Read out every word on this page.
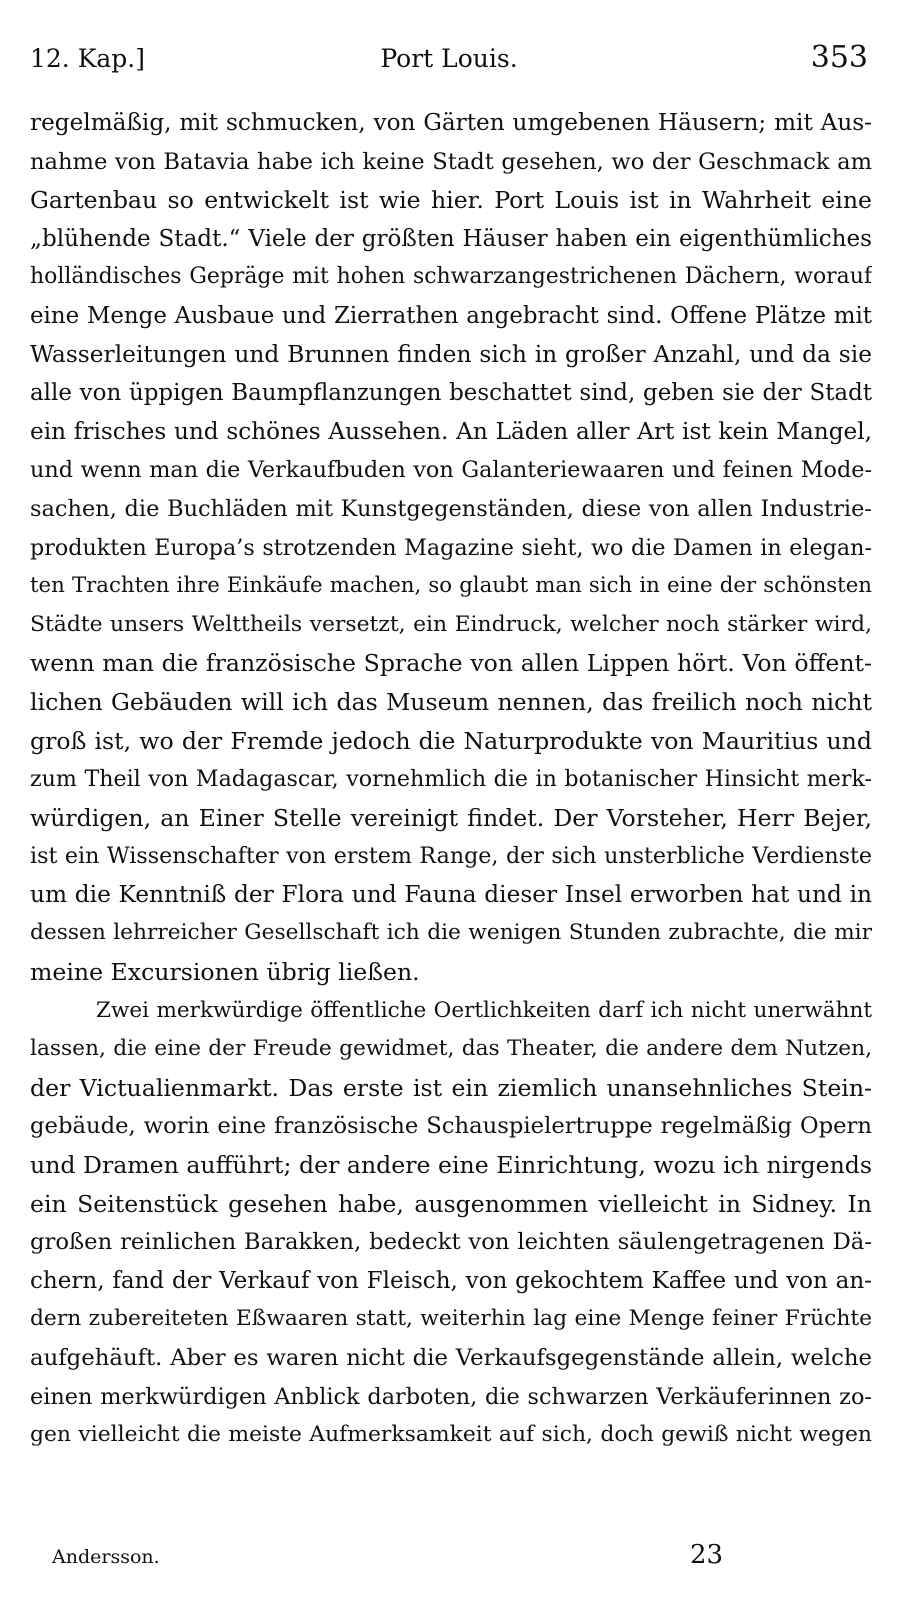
12. Kap.]	Port Louis.	353
regelmäßig, mit schmucken, von Gärten umgebenen Häusern; mit Aus-
nahme von Batavia habe ich keine Stadt gesehen, wo der Geschmack am
Gartenbau so entwickelt ist wie hier. Port Louis ist in Wahrheit eine
„blühende Stadt.“ Viele der größten Häuser haben ein eigenthümliches
holländisches Gepräge mit hohen schwarzangestrichenen Dächern, worauf
eine Menge Ausbaue und Zierrathen angebracht sind. Offene Plätze mit
Wasserleitungen und Brunnen finden sich in großer Anzahl, und da sie
alle von üppigen Baumpflanzungen beschattet sind, geben sie der Stadt
ein frisches und schönes Aussehen. An Läden aller Art ist kein Mangel,
und wenn man die Verkaufbuden von Galanteriewaaren und feinen Mode-
sachen, die Buchläden mit Kunstgegenständen, diese von allen Industrie-
produkten Europa’s strotzenden Magazine sieht, wo die Damen in elegan-
ten Trachten ihre Einkäufe machen, so glaubt man sich in eine der schönsten
Städte unsers Welttheils versetzt, ein Eindruck, welcher noch stärker wird,
wenn man die französische Sprache von allen Lippen hört. Von öffent-
lichen Gebäuden will ich das Museum nennen, das freilich noch nicht
groß ist, wo der Fremde jedoch die Naturprodukte von Mauritius und
zum Theil von Madagascar, vornehmlich die in botanischer Hinsicht merk-
würdigen, an Einer Stelle vereinigt findet. Der Vorsteher, Herr Bejer,
ist ein Wissenschafter von erstem Range, der sich unsterbliche Verdienste
um die Kenntniß der Flora und Fauna dieser Insel erworben hat und in
dessen lehrreicher Gesellschaft ich die wenigen Stunden zubrachte, die mir
meine Excursionen übrig ließen.
Zwei merkwürdige öffentliche Oertlichkeiten darf ich nicht unerwähnt
lassen, die eine der Freude gewidmet, das Theater, die andere dem Nutzen,
der Victualienmarkt. Das erste ist ein ziemlich unansehnliches Stein-
gebäude, worin eine französische Schauspielertruppe regelmäßig Opern
und Dramen aufführt; der andere eine Einrichtung, wozu ich nirgends
ein Seitenstück gesehen habe, ausgenommen vielleicht in Sidney. In
großen reinlichen Barakken, bedeckt von leichten säulengetragenen Dä-
chern, fand der Verkauf von Fleisch, von gekochtem Kaffee und von an-
dern zubereiteten Eßwaaren statt, weiterhin lag eine Menge feiner Früchte
aufgehäuft. Aber es waren nicht die Verkaufsgegenstände allein, welche
einen merkwürdigen Anblick darboten, die schwarzen Verkäuferinnen zo-
gen vielleicht die meiste Aufmerksamkeit auf sich, doch gewiß nicht wegen
Andersson.	23
